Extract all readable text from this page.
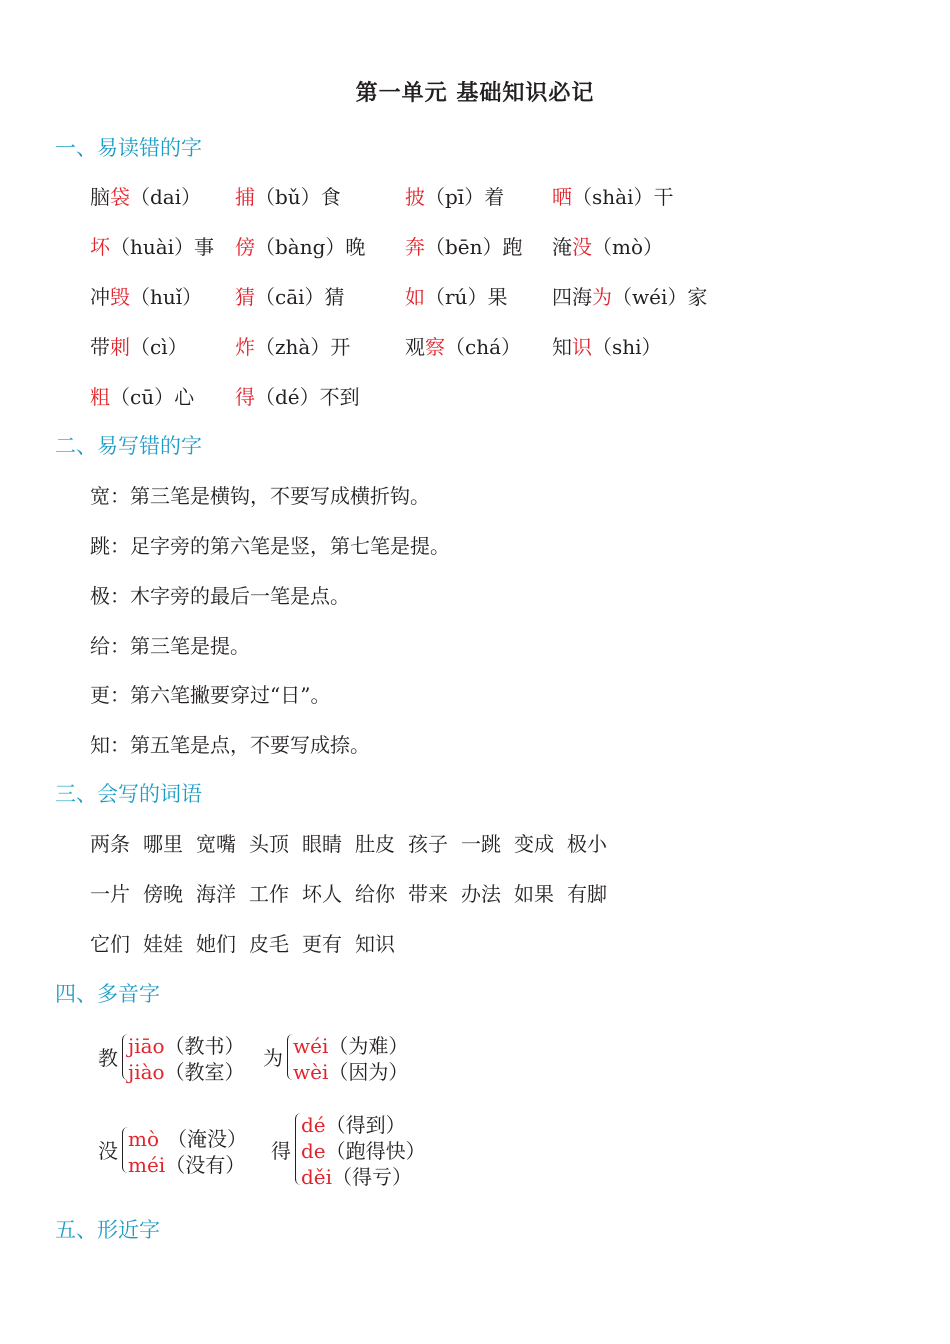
第一单元 基础知识必记
一、易读错的字
脑袋（dai） 捕（bǔ）食	披（pī）着 晒（shài）干
坏（huài）事 傍（bàng）晚 奔（bēn）跑 淹没（mò）
冲毁（huǐ） 猜（cāi）猜	如（rú）果 四海为（wéi）家
带刺（cì） 炸（zhà）开	观察（chá） 知识（shi）
粗（cū）心 得（dé）不到
二、易写错的字
宽：第三笔是横钩，不要写成横折钩。
跳：足字旁的第六笔是竖，第七笔是提。
极：木字旁的最后一笔是点。
给：第三笔是提。
更：第六笔撇要穿过“日”。
知：第五笔是点，不要写成捺。
三、会写的词语
两条 哪里 宽嘴 头顶 眼睛 肚皮 孩子 一跳 变成 极小
一片 傍晚 海洋 工作 坏人 给你 带来 办法 如果 有脚
它们 娃娃 她们 皮毛 更有 知识
四、多音字
教 jiāo（教书）
jiào（教室）
为 wéi（为难）
wèi（因为）
没 mò （淹没）
méi（没有）
得
dé（得到）
de（跑得快）
děi（得亏）
五、形近字
